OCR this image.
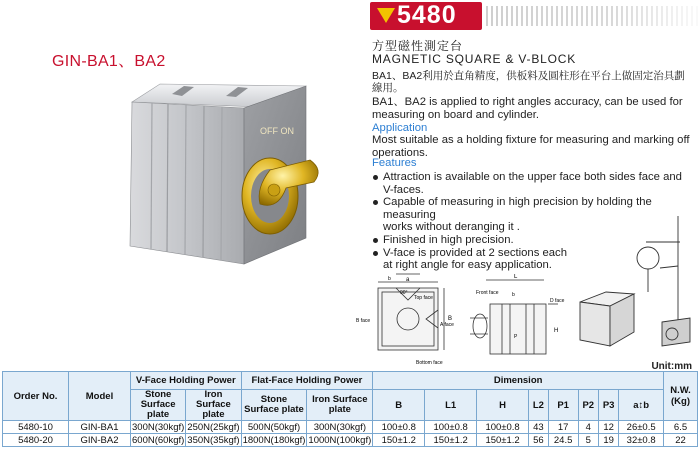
5480
GIN-BA1、BA2
OFF ON
方型磁性測定台
MAGNETIC SQUARE & V-BLOCK
BA1、BA2利用於直角精度，供板料及圓柱形在平台上做固定治具劃線用。
BA1、BA2 is applied to right angles accuracy, can be used for measuring on board and cylinder.
Application
Most suitable as a holding fixture for measuring and marking off operations.
Features
Attraction is available on the upper face both sides face and
V-faces.
Capable of measuring in high precision by holding the measuring
works without deranging it .
Finished in high precision.
V-face is provided at 2 sections each
at right angle for easy application.
a
b
90°
Top face
B face
A face
B
Bottom face
L
b
Front face
D face
P
H
Unit:mm
Order No.	Model	V-Face Holding Power		Flat-Face Holding Power		Dimension								N.W. (Kg)
		Stone Surface plate	Iron Surface plate	Stone Surface plate	Iron Surface plate	B	L1	H	L2	P1	P2	P3	a↕b	
5480-10	GIN-BA1	300N(30kgf)	250N(25kgf)	500N(50kgf)	300N(30kgf)	100±0.8	100±0.8	100±0.8	43	17	4	12	26±0.5	6.5
5480-20	GIN-BA2	600N(60kgf)	350N(35kgf)	1800N(180kgf)	1000N(100kgf)	150±1.2	150±1.2	150±1.2	56	24.5	5	19	32±0.8	22
